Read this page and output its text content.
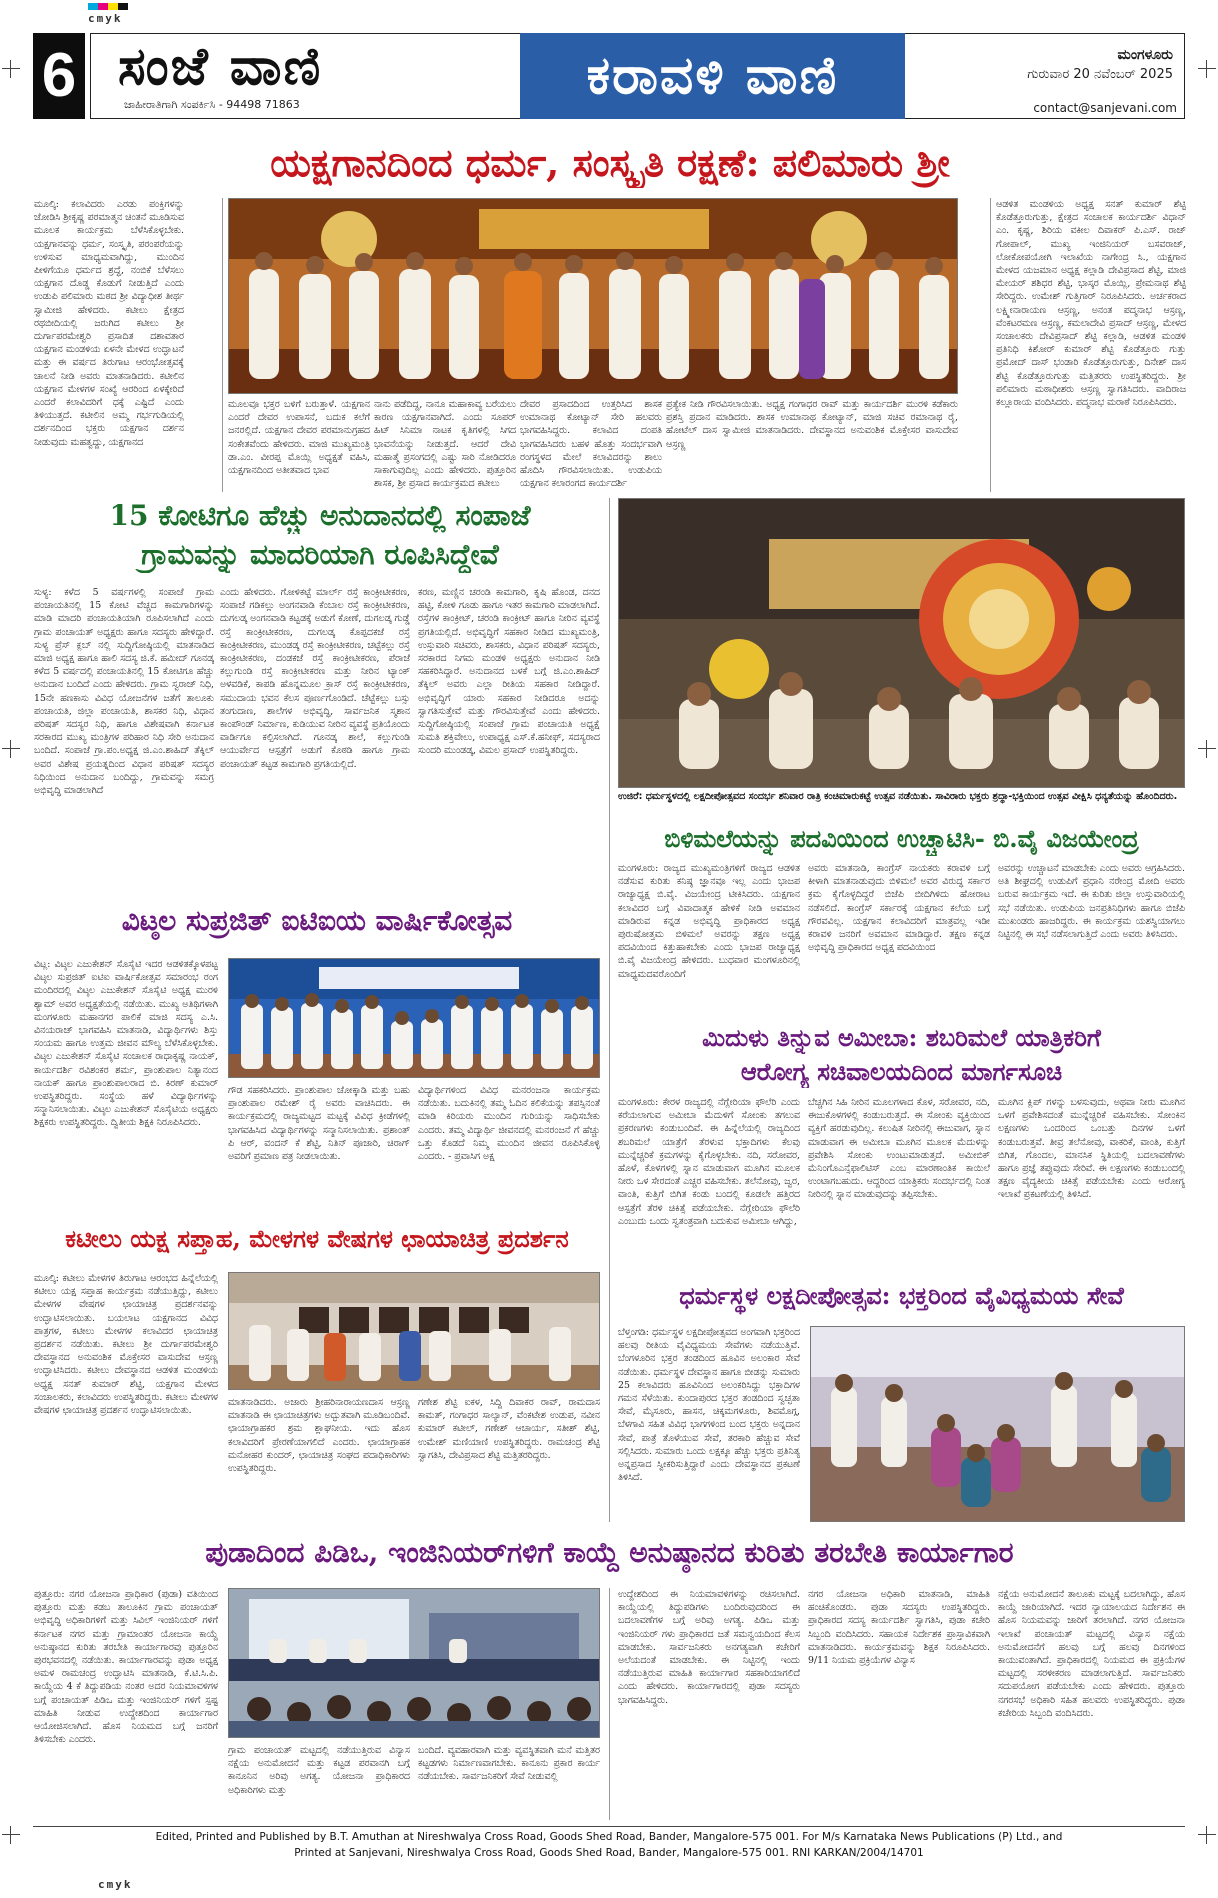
cmyk
cmyk
6 ಸಂಜೆ ವಾಣಿ
ಜಾಹೀರಾತಿಗಾಗಿ ಸಂಪರ್ಕಿಸಿ - 94498 71863	ಕರಾವಳಿ ವಾಣಿ	ಮಂಗಳೂರು
ಗುರುವಾರ 20 ನವೆಂಬರ್ 2025
contact@sanjevani.com
ಯಕ್ಷಗಾನದಿಂದ ಧರ್ಮ, ಸಂಸ್ಕೃತಿ ರಕ್ಷಣೆ: ಪಲಿಮಾರು ಶ್ರೀ
ಮೂಲ್ಕಿ: ಕಲಾವಿದರು ಎರಡು ಪಂಕ್ತಿಗಳನ್ನು ಜೋಡಿಸಿ ಶ್ರೀಕೃಷ್ಣ ಪರಮಾತ್ಮನ ಚಿಂತನೆ ಮೂಡಿಸುವ ಮೂಲಕ ಕಾರ್ಯಕ್ರಮ ಬೆಳೆಸಿಕೊಳ್ಳಬೇಕು. ಯಕ್ಷಗಾನವನ್ನು ಧರ್ಮ, ಸಂಸ್ಕೃತಿ, ಪರಂಪರೆಯನ್ನು ಉಳಿಸುವ ಮಾಧ್ಯಮವಾಗಿದ್ದು, ಮುಂದಿನ ಪೀಳಿಗೆಯೂ ಧರ್ಮದ ಶ್ರದ್ಧೆ, ನಂಬಿಕೆ ಬೆಳೆಸಲು ಯಕ್ಷಗಾನ ದೊಡ್ಡ ಕೊಡುಗೆ ನೀಡುತ್ತಿದೆ ಎಂದು ಉಡುಪಿ ಪಲಿಮಾರು ಮಠದ ಶ್ರೀ ವಿದ್ಯಾಧೀಶ ತೀರ್ಥ ಸ್ವಾಮೀಜಿ ಹೇಳಿದರು. ಕಟೀಲು ಕ್ಷೇತ್ರದ ರಥಬೀದಿಯಲ್ಲಿ ಜರುಗಿದ ಕಟೀಲು ಶ್ರೀ ದುರ್ಗಾಪರಮೇಶ್ವರಿ ಪ್ರಸಾದಿತ ದಶಾವತಾರ ಯಕ್ಷಗಾನ ಮಂಡಳಿಯ ಏಳನೇ ಮೇಳದ ಉದ್ಘಾಟನೆ ಮತ್ತು ಈ ವರ್ಷದ ತಿರುಗಾಟ ಆರಂಭೋತ್ಸವಕ್ಕೆ ಚಾಲನೆ ನೀಡಿ ಅವರು ಮಾತನಾಡಿದರು. ಕಟೀಲಿನ ಯಕ್ಷಗಾನ ಮೇಳಗಳ ಸಂಖ್ಯೆ ಆರರಿಂದ ಏಳಕ್ಕೇರಿದೆ ಎಂದರೆ ಕಲಾವಿದರಿಗೆ ಧಕ್ಕೆ ಎಷ್ಟಿದೆ ಎಂದು ತಿಳಿಯುತ್ತದೆ. ಕಟೀಲಿನ ಅಮ್ಮ ಗರ್ಭಗುಡಿಯಲ್ಲಿ ದರ್ಶನದಿಂದ ಭಕ್ತರು ಯಕ್ಷಗಾನ ದರ್ಶನ ನೀಡುವುದು ಮಹತ್ವದ್ದು, ಯಕ್ಷಗಾನದ
ಮೂಲವೂ ಭಕ್ತರ ಬಳಿಗೆ ಬರುತ್ತಾಳೆ. ಯಕ್ಷಗಾನ ಎಂದರೆ ದೇವರ ಉಪಾಸನೆ, ಬದುಕ ಕಲೆಗೆ ಜನರಲ್ಲಿದೆ. ಯಕ್ಷಗಾನ ದೇವರ ಪರಮಾನುಗ್ರಹದ ಸಂಕೇತವೆಂದು ಹೇಳಿದರು. ಮಾಜಿ ಮುಖ್ಯಮಂತ್ರಿ ಡಾ.ಎಂ. ವೀರಪ್ಪ ಮೊಯ್ಲಿ ಅಧ್ಯಕ್ಷತೆ ವಹಿಸಿ, ಯಕ್ಷಗಾನದಿಂದ ಅತೀತವಾದ ಭಾವ
ನಾನು ಪಡೆದಿದ್ದ, ನಾನೂ ಮಹಾಕಾವ್ಯ ಬರೆಯಲು ಕಾರಣ ಯಕ್ಷಗಾನವಾಗಿದೆ. ಎಂದು ಸೂಪರ್ ಹಿಟ್ ಸಿನಿಮಾ ನಾಟಕ ಕೃತಿಗಳಲ್ಲಿ ಸಿಗದ ಭಾವನೆಯನ್ನು ನೀಡುತ್ತದೆ. ಆದರೆ ದೇವಿ ಮಹಾತ್ಮೆ ಪ್ರಸಂಗದಲ್ಲಿ ಎಷ್ಟು ಸಾರಿ ನೋಡಿದರೂ ಸಾಕಾಗುವುದಿಲ್ಲ ಎಂದು ಹೇಳಿದರು. ಪುತ್ತೂರಿನ ಶಾಸಕ, ಶ್ರೀ ಪ್ರಸಾದ ಕಾರ್ಯಕ್ರಮದ ಕಟೀಲು
ದೇವರ ಪ್ರಸಾದದಿಂದ ಉತ್ತರಿಸಿದ ಶಾಸಕ ಉಮಾನಾಥ ಕೋಟ್ಯಾನ್ ಸೇರಿ ಹಲವರು ಭಾಗವಹಿಸಿದ್ದರು. ಕಲಾವಿದ ದಂಪತಿ ಭಾಗವಹಿಸಿದರು ಬಹಳ ಹೊತ್ತು ಸಂದರ್ಭವಾಗಿ ರಂಗಸ್ಥಳದ ಮೇಲೆ ಕಲಾವಿದರನ್ನು ಶಾಲು ಹೊದಿಸಿ ಗೌರವಿಸಲಾಯಿತು. ಉಡುಪಿಯ ಯಕ್ಷಗಾನ ಕಲಾರಂಗದ ಕಾರ್ಯದರ್ಶಿ
ಪ್ರತ್ಯೇಕ ನೀಡಿ ಗೌರವಿಸಲಾಯಿತು. ಅಧ್ಯಕ್ಷ ಗಂಗಾಧರ ರಾವ್ ಮತ್ತು ಕಾರ್ಯದರ್ಶಿ ಮುರಳಿ ಕಡೆಕಾರು ಪ್ರಶಸ್ತಿ ಪ್ರದಾನ ಮಾಡಿದರು. ಶಾಸಕ ಉಮಾನಾಥ ಕೋಟ್ಯಾನ್, ಮಾಜಿ ಸಚಿವ ರಮಾನಾಥ ರೈ, ಹೋಟೆಲ್ ದಾಸ ಸ್ವಾಮೀಜಿ ಮಾತನಾಡಿದರು. ದೇವಸ್ಥಾನದ ಅನುವಂಶಿಕ ಮೊಕ್ತೇಸರ ವಾಸುದೇವ ಆಸ್ರಣ್ಣ
ಆಡಳಿತ ಮಂಡಳಿಯ ಅಧ್ಯಕ್ಷ ಸನತ್ ಕುಮಾರ್ ಶೆಟ್ಟಿ ಕೊಡೆತ್ತೂರುಗುತ್ತು, ಕ್ಷೇತ್ರದ ಸಂಚಾಲಕ ಕಾರ್ಯದರ್ಶಿ ವಿಧಾನ್ ಎಂ. ಕೃಷ್ಣ, ಶಿರಿಯ ವಕೀಲ ದಿವಾಕರ್ ಪಿ.ಎಸ್. ರಾಜ್ ಗೋಪಾಲ್, ಮುಖ್ಯ ಇಂಜಿನಿಯರ್ ಬಸವರಾಜ್, ಲೋಕೋಪಯೋಗಿ ಇಲಾಖೆಯ ನಾಗೇಂದ್ರ ಸಿ., ಯಕ್ಷಗಾನ ಮೇಳದ ಯಜಮಾನ ಅಧ್ಯಕ್ಷ ಕಲ್ಲಾಡಿ ದೇವಿಪ್ರಸಾದ ಶೆಟ್ಟಿ, ಮಾಜಿ ಮೇಯರ್ ಶಶಿಧರ ಶೆಟ್ಟಿ, ಭಾಸ್ಕರ ಮೊಯ್ಲಿ, ಪ್ರೇಮನಾಥ ಶೆಟ್ಟಿ ಸೇರಿದ್ದರು. ಉಮೇಶ್ ಗುತ್ತಿಗಾರ್ ನಿರೂಪಿಸಿದರು. ಅರ್ಚಕರಾದ ಲಕ್ಷ್ಮೀನಾರಾಯಣ ಆಸ್ರಣ್ಣ, ಅನಂತ ಪದ್ಮನಾಭ ಆಸ್ರಣ್ಣ, ವೆಂಕಟರಮಣ ಆಸ್ರಣ್ಣ, ಕಮಲಾದೇವಿ ಪ್ರಸಾದ್ ಆಸ್ರಣ್ಣ, ಮೇಳದ ಸಂಚಾಲಕರು ದೇವಿಪ್ರಸಾದ್ ಶೆಟ್ಟಿ ಕಲ್ಲಾಡಿ, ಆಡಳಿತ ಮಂಡಳಿ ಪ್ರತಿನಿಧಿ ಕಿಶೋರ್ ಕುಮಾರ್ ಶೆಟ್ಟಿ ಕೊಡೆತ್ತೂರು ಗುತ್ತು ಪ್ರಮೋದ್ ದಾಸ್ ಭಂಡಾರಿ ಕೊಡೆತ್ತೂರುಗುತ್ತು, ದಿನೇಶ್ ದಾಸ ಶೆಟ್ಟಿ ಕೊಡೆತ್ತೂರುಗುತ್ತು ಮತ್ತಿತರರು ಉಪಸ್ಥಿತರಿದ್ದರು. ಶ್ರೀ ಪಲಿಮಾರು ಮಠಾಧೀಶರು ಆಸ್ರಣ್ಣ ಸ್ವಾಗತಿಸಿದರು. ವಾದಿರಾಜ ಕಲ್ಲೂರಾಯ ವಂದಿಸಿದರು. ಪದ್ಮನಾಭ ಮರಾಠೆ ನಿರೂಪಿಸಿದರು.
15 ಕೋಟಿಗೂ ಹೆಚ್ಚು ಅನುದಾನದಲ್ಲಿ ಸಂಪಾಜೆ
ಗ್ರಾಮವನ್ನು ಮಾದರಿಯಾಗಿ ರೂಪಿಸಿದ್ದೇವೆ
ಸುಳ್ಯ: ಕಳೆದ 5 ವರ್ಷಗಳಲ್ಲಿ ಸಂಪಾಜೆ ಗ್ರಾಮ ಪಂಚಾಯತಿನಲ್ಲಿ 15 ಕೋಟಿ ವೆಚ್ಚದ ಕಾಮಗಾರಿಗಳನ್ನು ಮಾಡಿ ಮಾದರಿ ಪಂಚಾಯತಿಯಾಗಿ ರೂಪಿಸಲಾಗಿದೆ ಎಂದು ಗ್ರಾಮ ಪಂಚಾಯತ್ ಅಧ್ಯಕ್ಷರು ಹಾಗೂ ಸದಸ್ಯರು ಹೇಳಿದ್ದಾರೆ. ಸುಳ್ಯ ಪ್ರೆಸ್ ಕ್ಲಬ್ ನಲ್ಲಿ ಸುದ್ದಿಗೋಷ್ಠಿಯಲ್ಲಿ ಮಾತನಾಡಿದ ಮಾಜಿ ಅಧ್ಯಕ್ಷ ಹಾಗೂ ಹಾಲಿ ಸದಸ್ಯ ಜಿ.ಕೆ. ಹಮೀದ್ ಗೂನಡ್ಕ ಕಳೆದ 5 ವರ್ಷದಲ್ಲಿ ಪಂಚಾಯತಿನಲ್ಲಿ 15 ಕೋಟಿಗೂ ಹೆಚ್ಚು ಅನುದಾನ ಬಂದಿದೆ ಎಂದು ಹೇಳಿದರು. ಗ್ರಾಮ ಸ್ವರಾಜ್ ನಿಧಿ, 15ನೇ ಹಣಕಾಸು ವಿವಿಧ ಯೋಜನೆಗಳ ಜತೆಗೆ ತಾಲೂಕು ಪಂಚಾಯತಿ, ಜಿಲ್ಲಾ ಪಂಚಾಯತಿ, ಶಾಸಕರ ನಿಧಿ, ವಿಧಾನ ಪರಿಷತ್ ಸದಸ್ಯರ ನಿಧಿ, ಹಾಗೂ ವಿಶೇಷವಾಗಿ ಕರ್ನಾಟಕ ಸರಕಾರದ ಮುಖ್ಯ ಮಂತ್ರಿಗಳ ಪರಿಹಾರ ನಿಧಿ ಸೇರಿ ಅನುದಾನ ಬಂದಿದೆ. ಸಂಪಾಜೆ ಗ್ರಾ.ಪಂ.ಅಧ್ಯಕ್ಷ ಜಿ.ಎಂ.ಶಾಹಿದ್ ತೆಕ್ಕಿಲ್ ಅವರ ವಿಶೇಷ ಪ್ರಯತ್ನದಿಂದ ವಿಧಾನ ಪರಿಷತ್ ಸದಸ್ಯರ ನಿಧಿಯಿಂದ ಅನುದಾನ ಬಂದಿದ್ದು, ಗ್ರಾಮವನ್ನು ಸಮಗ್ರ ಅಭಿವೃದ್ಧಿ ಮಾಡಲಾಗಿದೆ
ಎಂದು ಹೇಳಿದರು. ಗೋಳಿಕಟ್ಟೆ ಮಾರ್ಲ್ ರಸ್ತೆ ಕಾಂಕ್ರೀಟೀಕರಣ, ಸಂಪಾಜೆ ಗಡಿಕಲ್ಲು ಅಂಗನವಾಡಿ ಕೆಂಬಾಲ ರಸ್ತೆ ಕಾಂಕ್ರೀಟೀಕರಣ, ದುಗಲಡ್ಕ ಅಂಗನವಾಡಿ ಕಟ್ಟಡಕ್ಕೆ ಅಡುಗೆ ಕೋಣೆ, ದುಗಲಡ್ಕ ಗುಡ್ಡೆ ರಸ್ತೆ ಕಾಂಕ್ರೀಟೀಕರಣ, ದುಗಲಡ್ಕ ಕೊಪ್ಪದಕಜೆ ರಸ್ತೆ ಕಾಂಕ್ರೀಟೀಕರಣ, ಮುಂಡಡ್ಕ ರಸ್ತೆ ಕಾಂಕ್ರೀಟೀಕರಣ, ಚಟ್ಟೆಕಲ್ಲು ರಸ್ತೆ ಕಾಂಕ್ರೀಟೀಕರಣ, ದಂಡಕಜೆ ರಸ್ತೆ ಕಾಂಕ್ರೀಟೀಕರಣ, ಪೆರಾಜೆ ಕಲ್ಲುಗುಂಡಿ ರಸ್ತೆ ಕಾಂಕ್ರೀಟೀಕರಣ ಮತ್ತು ನೀರಿನ ಟ್ಯಾಂಕ್ ಅಳವಡಿಕೆ, ಕಾಪಡಿ ಹೊನ್ನಮೂಲ ಕ್ರಾಸ್ ರಸ್ತೆ ಕಾಂಕ್ರೀಟೀಕರಣ, ಸಮುದಾಯ ಭವನ ಕೆಲಸ ಪೂರ್ಣಗೊಂಡಿದೆ. ಚೆಟ್ಟೆಕಲ್ಲು ಬಸ್ಸು ತಂಗುದಾಣ, ಶಾಲೆಗಳ ಅಭಿವೃದ್ಧಿ, ಸಾರ್ವಜನಿಕ ಸ್ಮಶಾನ ಕಾಂಪೌಂಡ್ ನಿರ್ಮಾಣ, ಕುಡಿಯುವ ನೀರಿನ ವ್ಯವಸ್ಥೆ ಪ್ರತಿಯೊಂದು ವಾರ್ಡಿಗೂ ಕಲ್ಪಿಸಲಾಗಿದೆ. ಗೂನಡ್ಕ ಶಾಲೆ, ಕಲ್ಲುಗುಂಡಿ ಆಯುರ್ವೇದ ಆಸ್ಪತ್ರೆಗೆ ಅಡುಗೆ ಕೊಠಡಿ ಹಾಗೂ ಗ್ರಾಮ ಪಂಚಾಯತ್ ಕಟ್ಟಡ ಕಾಮಗಾರಿ ಪ್ರಗತಿಯಲ್ಲಿದೆ.
ಕರಣ, ಮಣ್ಣಿನ ಚರಂಡಿ ಕಾಮಗಾರಿ, ಕೃಷಿ ಹೊಂಡ, ದನದ ಹಟ್ಟಿ, ಕೋಳಿ ಗೂಡು ಹಾಗೂ ಇತರ ಕಾಮಗಾರಿ ಮಾಡಲಾಗಿದೆ. ರಸ್ತೆಗಳ ಕಾಂಕ್ರೀಟ್, ಚರಂಡಿ ಕಾಂಕ್ರೀಟ್ ಹಾಗೂ ನೀರಿನ ವ್ಯವಸ್ಥೆ ಪ್ರಗತಿಯಲ್ಲಿದೆ. ಅಭಿವೃದ್ಧಿಗೆ ಸಹಕಾರ ನೀಡಿದ ಮುಖ್ಯಮಂತ್ರಿ, ಉಸ್ತುವಾರಿ ಸಚಿವರು, ಶಾಸಕರು, ವಿಧಾನ ಪರಿಷತ್ ಸದಸ್ಯರು, ಸರಕಾರದ ನಿಗಮ ಮಂಡಳಿ ಅಧ್ಯಕ್ಷರು ಅನುದಾನ ನೀಡಿ ಸಹಕರಿಸಿದ್ದಾರೆ. ಅನುದಾನದ ಬಳಕೆ ಬಗ್ಗೆ ಜಿ.ಎಂ.ಶಾಹಿದ್ ತೆಕ್ಕಿಲ್ ಅವರು ಎಲ್ಲಾ ರೀತಿಯ ಸಹಕಾರ ನೀಡಿದ್ದಾರೆ. ಅಭಿವೃದ್ಧಿಗೆ ಯಾರು ಸಹಕಾರ ನೀಡಿದರೂ ಅದನ್ನು ಸ್ವಾಗತಿಸುತ್ತೇವೆ ಮತ್ತು ಗೌರವಿಸುತ್ತೇವೆ ಎಂದು ಹೇಳಿದರು. ಸುದ್ದಿಗೋಷ್ಠಿಯಲ್ಲಿ ಸಂಪಾಜೆ ಗ್ರಾಮ ಪಂಚಾಯತಿ ಅಧ್ಯಕ್ಷೆ ಸುಮತಿ ಶಕ್ತಿವೇಲು, ಉಪಾಧ್ಯಕ್ಷ ಎಸ್.ಕೆ.ಹನೀಫ್, ಸದಸ್ಯರಾದ ಸುಂದರಿ ಮುಂಡಡ್ಕ, ವಿಮಲ ಪ್ರಸಾದ್ ಉಪಸ್ಥಿತರಿದ್ದರು.
ಉಜಿರೆ: ಧರ್ಮಸ್ಥಳದಲ್ಲಿ ಲಕ್ಷದೀಪೋತ್ಸವದ ಸಂದರ್ಭ ಶನಿವಾರ ರಾತ್ರಿ ಕಂಚಿಮಾರುಕಟ್ಟೆ ಉತ್ಸವ ನಡೆಯಿತು. ಸಾವಿರಾರು ಭಕ್ತರು ಶ್ರದ್ಧಾ-ಭಕ್ತಿಯಿಂದ ಉತ್ಸವ ವೀಕ್ಷಿಸಿ ಧನ್ಯತೆಯನ್ನು ಹೊಂದಿದರು.
ಬಿಳಿಮಲೆಯನ್ನು ಪದವಿಯಿಂದ ಉಚ್ಚಾಟಿಸಿ- ಬಿ.ವೈ ವಿಜಯೇಂದ್ರ
ಮಂಗಳೂರು: ರಾಜ್ಯದ ಮುಖ್ಯಮಂತ್ರಿಗಳಿಗೆ ರಾಜ್ಯದ ಆಡಳಿತ ನಡೆಸುವ ಕುರಿತು ಕನಿಷ್ಠ ಜ್ಞಾನವೂ ಇಲ್ಲ ಎಂದು ಭಾಜಪ ರಾಜ್ಯಾಧ್ಯಕ್ಷ ಬಿ.ವೈ. ವಿಜಯೇಂದ್ರ ಟೀಕಿಸಿದರು. ಯಕ್ಷಗಾನ ಕಲಾವಿದರ ಬಗ್ಗೆ ವಿವಾದಾತ್ಮಕ ಹೇಳಿಕೆ ನೀಡಿ ಅವಮಾನ ಮಾಡಿರುವ ಕನ್ನಡ ಅಭಿವೃದ್ಧಿ ಪ್ರಾಧಿಕಾರದ ಅಧ್ಯಕ್ಷ ಪುರುಷೋತ್ತಮ ಬಿಳಿಮಲೆ ಅವರನ್ನು ತಕ್ಷಣ ಅಧ್ಯಕ್ಷ ಪದವಿಯಿಂದ ಕಿತ್ತುಹಾಕಬೇಕು ಎಂದು ಭಾಜಪ ರಾಜ್ಯಾಧ್ಯಕ್ಷ ಬಿ.ವೈ ವಿಜಯೇಂದ್ರ ಹೇಳಿದರು. ಬುಧವಾರ ಮಂಗಳೂರಿನಲ್ಲಿ ಮಾಧ್ಯಮದವರೊಂದಿಗೆ
ಅವರು ಮಾತನಾಡಿ, ಕಾಂಗ್ರೆಸ್ ನಾಯಕರು ಕರಾವಳಿ ಬಗ್ಗೆ ಕೀಳಾಗಿ ಮಾತನಾಡುವುದು ಬಿಳಿಮಲೆ ಅವರ ವಿರುದ್ಧ ಸರ್ಕಾರ ಕ್ರಮ ಕೈಗೊಳ್ಳದಿದ್ದರೆ ಬಿಜೆಪಿ ಬೀದಿಗಿಳಿದು ಹೋರಾಟ ನಡೆಸಲಿದೆ. ಕಾಂಗ್ರೆಸ್ ಸರ್ಕಾರಕ್ಕೆ ಯಕ್ಷಗಾನ ಕಲೆಯ ಬಗ್ಗೆ ಗೌರವವಿಲ್ಲ. ಯಕ್ಷಗಾನ ಕಲಾವಿದರಿಗೆ ಮಾತ್ರವಲ್ಲ ಇಡೀ ಕರಾವಳಿ ಜನರಿಗೆ ಅವಮಾನ ಮಾಡಿದ್ದಾರೆ. ತಕ್ಷಣ ಕನ್ನಡ ಅಭಿವೃದ್ಧಿ ಪ್ರಾಧಿಕಾರದ ಅಧ್ಯಕ್ಷ ಪದವಿಯಿಂದ
ಅವರನ್ನು ಉಚ್ಚಾಟನೆ ಮಾಡಬೇಕು ಎಂದು ಅವರು ಆಗ್ರಹಿಸಿದರು. ಅತಿ ಶೀಘ್ರದಲ್ಲಿ ಉಡುಪಿಗೆ ಪ್ರಧಾನಿ ನರೇಂದ್ರ ಮೋದಿ ಅವರು ಬರುವ ಕಾರ್ಯಕ್ರಮ ಇದೆ. ಈ ಕುರಿತು ಜಿಲ್ಲಾ ಉಸ್ತುವಾರಿಯಲ್ಲಿ ಸಭೆ ನಡೆಯಿತು. ಉಡುಪಿಯ ಜನಪ್ರತಿನಿಧಿಗಳು ಹಾಗೂ ಬಿಜೆಪಿ ಮುಖಂಡರು ಹಾಜರಿದ್ದರು. ಈ ಕಾರ್ಯಕ್ರಮ ಯಶಸ್ವಿಯಾಗಲು ನಿಟ್ಟಿನಲ್ಲಿ ಈ ಸಭೆ ನಡೆಸಲಾಗುತ್ತಿದೆ ಎಂದು ಅವರು ತಿಳಿಸಿದರು.
ವಿಟ್ಠಲ ಸುಪ್ರಜಿತ್ ಐಟಿಐಯ ವಾರ್ಷಿಕೋತ್ಸವ
ವಿಟ್ಲ: ವಿಟ್ಠಲ ಎಜುಕೇಶನ್ ಸೊಸೈಟಿ ಇದರ ಆಡಳಿತಕ್ಕೊಳಪಟ್ಟ ವಿಟ್ಠಲ ಸುಪ್ರಜಿತ್ ಐಟಿಐ ವಾರ್ಷಿಕೋತ್ಸವ ಸಮಾರಂಭ ರಂಗ ಮಂದಿರದಲ್ಲಿ ವಿಟ್ಠಲ ಎಜುಕೇಶನ್ ಸೊಸೈಟಿ ಅಧ್ಯಕ್ಷ ಮುರಳಿ ಶ್ಯಾಮ್ ಅವರ ಅಧ್ಯಕ್ಷತೆಯಲ್ಲಿ ನಡೆಯಿತು. ಮುಖ್ಯ ಅತಿಥಿಗಳಾಗಿ ಮಂಗಳೂರು ಮಹಾನಗರ ಪಾಲಿಕೆ ಮಾಜಿ ಸದಸ್ಯ ಎ.ಸಿ. ವಿನಯರಾಜ್ ಭಾಗವಹಿಸಿ ಮಾತನಾಡಿ, ವಿದ್ಯಾರ್ಥಿಗಳು ಶಿಸ್ತು ಸಂಯಮ ಹಾಗೂ ಉತ್ತಮ ಜೀವನ ಮೌಲ್ಯ ಬೆಳೆಸಿಕೊಳ್ಳಬೇಕು. ವಿಟ್ಠಲ ಎಜುಕೇಶನ್ ಸೊಸೈಟಿ ಸಂಚಾಲಕ ರಾಧಾಕೃಷ್ಣ ನಾಯಕ್, ಕಾರ್ಯದರ್ಶಿ ರವಿಶಂಕರ ಶರ್ಮ, ಪ್ರಾಂಶುಪಾಲ ನಿತ್ಯಾನಂದ ನಾಯಕ್ ಹಾಗೂ ಪ್ರಾಂಶುಪಾಲರಾದ ಬಿ. ಕಿರಣ್ ಕುಮಾರ್ ಉಪಸ್ಥಿತರಿದ್ದರು. ಸಂಸ್ಥೆಯ ಹಳೆ ವಿದ್ಯಾರ್ಥಿಗಳನ್ನು ಸನ್ಮಾನಿಸಲಾಯಿತು. ವಿಟ್ಠಲ ಎಜುಕೇಶನ್ ಸೊಸೈಟಿಯ ಅಧ್ಯಕ್ಷರು ಶಿಕ್ಷಕರು ಉಪಸ್ಥಿತರಿದ್ದರು. ದ್ವಿತೀಯ ಶಿಕ್ಷಕಿ ನಿರೂಪಿಸಿದರು.
ಗೌಡ ಸಹಕರಿಸಿದರು. ಪ್ರಾಂಶುಪಾಲ ಚೋಕ್ಕಾಡಿ ಮತ್ತು ಬಹು ಪ್ರಾಂಶುಪಾಲ ರಮೇಶ್ ರೈ ಅವರು ವಾಚಿಸಿದರು. ಈ ಕಾರ್ಯಕ್ರಮದಲ್ಲಿ ರಾಜ್ಯಮಟ್ಟದ ಮಟ್ಟಕ್ಕೆ ವಿವಿಧ ಕ್ರೀಡೆಗಳಲ್ಲಿ ಭಾಗವಹಿಸಿದ ವಿದ್ಯಾರ್ಥಿಗಳನ್ನು ಸನ್ಮಾನಿಸಲಾಯಿತು. ಪ್ರಶಾಂತ್ ಪಿ ಆರ್, ವಂದನ್ ಕೆ ಶೆಟ್ಟಿ, ನಿತಿನ್ ಪೂಜಾರಿ, ಚಿರಾಗ್ ಅವರಿಗೆ ಪ್ರಮಾಣ ಪತ್ರ ನೀಡಲಾಯಿತು.
ವಿದ್ಯಾರ್ಥಿಗಳಿಂದ ವಿವಿಧ ಮನರಂಜನಾ ಕಾರ್ಯಕ್ರಮ ನಡೆಯಿತು. ಬದುಕಿನಲ್ಲಿ ತಮ್ಮ ಓದಿನ ಕಲಿಕೆಯನ್ನು ತಪಸ್ಸಿನಂತೆ ಮಾಡಿ ಕಿರಿಯರು ಮುಂದಿನ ಗುರಿಯನ್ನು ಸಾಧಿಸಬೇಕು ಎಂದರು. ತಮ್ಮ ವಿದ್ಯಾರ್ಥಿ ಜೀವನದಲ್ಲಿ ಮನರಂಜನೆ ಗೆ ಹೆಚ್ಚು ಒತ್ತು ಕೊಡದೆ ನಿಮ್ಮ ಮುಂದಿನ ಜೀವನ ರೂಪಿಸಿಕೊಳ್ಳಿ ಎಂದರು. - ಪ್ರವಾಸಿಗ ಅಕ್ಷ
ಮಿದುಳು ತಿನ್ನುವ ಅಮೀಬಾ: ಶಬರಿಮಲೆ ಯಾತ್ರಿಕರಿಗೆ
ಆರೋಗ್ಯ ಸಚಿವಾಲಯದಿಂದ ಮಾರ್ಗಸೂಚಿ
ಮಂಗಳೂರು: ಕೇರಳ ರಾಜ್ಯದಲ್ಲಿ ನೆಗ್ಲೇರಿಯಾ ಫೌಲೆರಿ ಎಂದು ಕರೆಯಲಾಗುವ ಅಮೀಬಾ ಮೆದುಳಿಗೆ ಸೋಂಕು ತಗಲುವ ಪ್ರಕರಣಗಳು ಕಂಡುಬಂದಿವೆ. ಈ ಹಿನ್ನೆಲೆಯಲ್ಲಿ ರಾಜ್ಯದಿಂದ ಶಬರಿಮಲೆ ಯಾತ್ರೆಗೆ ತೆರಳುವ ಭಕ್ತಾದಿಗಳು ಕೆಲವು ಮುನ್ನೆಚ್ಚರಿಕೆ ಕ್ರಮಗಳನ್ನು ಕೈಗೊಳ್ಳಬೇಕು. ನದಿ, ಸರೋವರ, ಹೊಳೆ, ಕೊಳಗಳಲ್ಲಿ ಸ್ನಾನ ಮಾಡುವಾಗ ಮೂಗಿನ ಮೂಲಕ ನೀರು ಒಳ ಸೇರದಂತೆ ಎಚ್ಚರ ವಹಿಸಬೇಕು. ತಲೆನೋವು, ಜ್ವರ, ವಾಂತಿ, ಕುತ್ತಿಗೆ ಬಿಗಿತ ಕಂಡು ಬಂದಲ್ಲಿ ಕೂಡಲೇ ಹತ್ತಿರದ ಆಸ್ಪತ್ರೆಗೆ ತೆರಳಿ ಚಿಕಿತ್ಸೆ ಪಡೆಯಬೇಕು. ನೆಗ್ಲೇರಿಯಾ ಫೌಲೆರಿ ಎಂಬುದು ಒಂದು ಸ್ವತಂತ್ರವಾಗಿ ಬದುಕುವ ಅಮೀಬಾ ಆಗಿದ್ದು,
ಬೆಚ್ಚಗಿನ ಸಿಹಿ ನೀರಿನ ಮೂಲಗಳಾದ ಕೊಳ, ಸರೋವರ, ನದಿ, ಈಜುಕೊಳಗಳಲ್ಲಿ ಕಂಡುಬರುತ್ತದೆ. ಈ ಸೋಂಕು ವ್ಯಕ್ತಿಯಿಂದ ವ್ಯಕ್ತಿಗೆ ಹರಡುವುದಿಲ್ಲ. ಕಲುಷಿತ ನೀರಿನಲ್ಲಿ ಈಜುವಾಗ, ಸ್ನಾನ ಮಾಡುವಾಗ ಈ ಅಮೀಬಾ ಮೂಗಿನ ಮೂಲಕ ಮೆದುಳನ್ನು ಪ್ರವೇಶಿಸಿ ಸೋಂಕು ಉಂಟುಮಾಡುತ್ತದೆ. ಅಮೀಬಿಕ್ ಮೆನಿಂಗೊಎನ್ಸೆಫಾಲಿಟಿಸ್ ಎಂಬ ಮಾರಣಾಂತಿಕ ಕಾಯಿಲೆ ಉಂಟಾಗಬಹುದು. ಆದ್ದರಿಂದ ಯಾತ್ರಿಕರು ಸಂದರ್ಭದಲ್ಲಿ ನಿಂತ ನೀರಿನಲ್ಲಿ ಸ್ನಾನ ಮಾಡುವುದನ್ನು ತಪ್ಪಿಸಬೇಕು.
ಮೂಗಿನ ಕ್ಲಿಪ್ ಗಳನ್ನು ಬಳಸುವುದು, ಅಥವಾ ನೀರು ಮೂಗಿನ ಒಳಗೆ ಪ್ರವೇಶಿಸದಂತೆ ಮುನ್ನೆಚ್ಚರಿಕೆ ವಹಿಸಬೇಕು. ಸೋಂಕಿನ ಲಕ್ಷಣಗಳು ಒಂದರಿಂದ ಒಂಬತ್ತು ದಿನಗಳ ಒಳಗೆ ಕಂಡುಬರುತ್ತವೆ. ತೀವ್ರ ತಲೆನೋವು, ವಾಕರಿಕೆ, ವಾಂತಿ, ಕುತ್ತಿಗೆ ಬಿಗಿತ, ಗೊಂದಲ, ಮಾನಸಿಕ ಸ್ಥಿತಿಯಲ್ಲಿ ಬದಲಾವಣೆಗಳು ಹಾಗೂ ಪ್ರಜ್ಞೆ ತಪ್ಪುವುದು ಸೇರಿವೆ. ಈ ಲಕ್ಷಣಗಳು ಕಂಡುಬಂದಲ್ಲಿ ತಕ್ಷಣ ವೈದ್ಯಕೀಯ ಚಿಕಿತ್ಸೆ ಪಡೆಯಬೇಕು ಎಂದು ಆರೋಗ್ಯ ಇಲಾಖೆ ಪ್ರಕಟಣೆಯಲ್ಲಿ ತಿಳಿಸಿದೆ.
ಕಟೀಲು ಯಕ್ಷ ಸಪ್ತಾಹ, ಮೇಳಗಳ ವೇಷಗಳ ಛಾಯಾಚಿತ್ರ ಪ್ರದರ್ಶನ
ಮೂಲ್ಕಿ: ಕಟೀಲು ಮೇಳಗಳ ತಿರುಗಾಟ ಆರಂಭದ ಹಿನ್ನೆಲೆಯಲ್ಲಿ ಕಟೀಲು ಯಕ್ಷ ಸಪ್ತಾಹ ಕಾರ್ಯಕ್ರಮ ನಡೆಯುತ್ತಿದ್ದು, ಕಟೀಲು ಮೇಳಗಳ ವೇಷಗಳ ಛಾಯಾಚಿತ್ರ ಪ್ರದರ್ಶನವನ್ನು ಉದ್ಘಾಟಿಸಲಾಯಿತು. ಬಯಲಾಟ ಯಕ್ಷಗಾನದ ವಿವಿಧ ಪಾತ್ರಗಳ, ಕಟೀಲು ಮೇಳಗಳ ಕಲಾವಿದರ ಛಾಯಾಚಿತ್ರ ಪ್ರದರ್ಶನ ನಡೆಯಿತು. ಕಟೀಲು ಶ್ರೀ ದುರ್ಗಾಪರಮೇಶ್ವರಿ ದೇವಸ್ಥಾನದ ಅನುವಂಶಿಕ ಮೊಕ್ತೇಸರ ವಾಸುದೇವ ಆಸ್ರಣ್ಣ ಉದ್ಘಾಟಿಸಿದರು. ಕಟೀಲು ದೇವಸ್ಥಾನದ ಆಡಳಿತ ಮಂಡಳಿಯ ಅಧ್ಯಕ್ಷ ಸನತ್ ಕುಮಾರ್ ಶೆಟ್ಟಿ, ಯಕ್ಷಗಾನ ಮೇಳದ ಸಂಚಾಲಕರು, ಕಲಾವಿದರು ಉಪಸ್ಥಿತರಿದ್ದರು. ಕಟೀಲು ಮೇಳಗಳ ವೇಷಗಳ ಛಾಯಾಚಿತ್ರ ಪ್ರದರ್ಶನ ಉದ್ಘಾಟಿಸಲಾಯಿತು.
ಮಾತನಾಡಿದರು. ಅಜಾರು ಶ್ರೀಹರಿನಾರಾಯಣದಾಸ ಆಸ್ರಣ್ಣ ಮಾತನಾಡಿ ಈ ಛಾಯಾಚಿತ್ರಗಳು ಅದ್ಭುತವಾಗಿ ಮೂಡಿಬಂದಿವೆ. ಛಾಯಾಗ್ರಾಹಕರ ಶ್ರಮ ಶ್ಲಾಘನೀಯ. ಇದು ಹೊಸ ಕಲಾವಿದರಿಗೆ ಪ್ರೇರಣೆಯಾಗಲಿದೆ ಎಂದರು. ಛಾಯಾಗ್ರಾಹಕ ಮನೋಹರ ಕುಂದರ್, ಛಾಯಾಚಿತ್ರ ಸಂಘದ ಪದಾಧಿಕಾರಿಗಳು ಉಪಸ್ಥಿತರಿದ್ದರು.
ಗಣೇಶ ಶೆಟ್ಟಿ ಐಕಳ, ಸಿದ್ದಿ ದಿವಾಕರ ರಾವ್, ರಾಮದಾಸ ಕಾಮತ್, ಗಂಗಾಧರ ಸಾಲ್ಯಾನ್, ವೆಂಕಟೇಶ ಉಡುಪ, ನವೀನ ಕುಮಾರ್ ಕಟೀಲ್, ಗಣೇಶ್ ಆಚಾರ್ಯ, ಸತೀಶ್ ಶೆಟ್ಟಿ, ಉಮೇಶ್ ಮಣಿಯಾಣಿ ಉಪಸ್ಥಿತರಿದ್ದರು. ರಾಮಚಂದ್ರ ಶೆಟ್ಟಿ ಸ್ವಾಗತಿಸಿ, ದೇವಿಪ್ರಸಾದ ಶೆಟ್ಟಿ ಮತ್ತಿತರರಿದ್ದರು.
ಧರ್ಮಸ್ಥಳ ಲಕ್ಷದೀಪೋತ್ಸವ: ಭಕ್ತರಿಂದ ವೈವಿಧ್ಯಮಯ ಸೇವೆ
ಬೆಳ್ತಂಗಡಿ: ಧರ್ಮಸ್ಥಳ ಲಕ್ಷದೀಪೋತ್ಸವದ ಅಂಗವಾಗಿ ಭಕ್ತರಿಂದ ಹಲವು ರೀತಿಯ ವೈವಿಧ್ಯಮಯ ಸೇವೆಗಳು ನಡೆಯುತ್ತಿವೆ. ಬೆಂಗಳೂರಿನ ಭಕ್ತರ ತಂಡದಿಂದ ಹೂವಿನ ಅಲಂಕಾರ ಸೇವೆ ನಡೆಯಿತು. ಧರ್ಮಸ್ಥಳ ದೇವಸ್ಥಾನ ಹಾಗೂ ಬೀಡನ್ನು ಸುಮಾರು 25 ಕಲಾವಿದರು ಹೂವಿನಿಂದ ಅಲಂಕರಿಸಿದ್ದು ಭಕ್ತಾದಿಗಳ ಗಮನ ಸೆಳೆಯಿತು. ಕುಂದಾಪುರದ ಭಕ್ತರ ತಂಡದಿಂದ ಸ್ವಚ್ಛತಾ ಸೇವೆ, ಮೈಸೂರು, ಹಾಸನ, ಚಿಕ್ಕಮಗಳೂರು, ಶಿವಮೊಗ್ಗ, ಬೆಳಗಾವಿ ಸಹಿತ ವಿವಿಧ ಭಾಗಗಳಿಂದ ಬಂದ ಭಕ್ತರು ಅನ್ನದಾನ ಸೇವೆ, ಪಾತ್ರೆ ತೊಳೆಯುವ ಸೇವೆ, ತರಕಾರಿ ಹೆಚ್ಚುವ ಸೇವೆ ಸಲ್ಲಿಸಿದರು. ಸುಮಾರು ಒಂದು ಲಕ್ಷಕ್ಕೂ ಹೆಚ್ಚು ಭಕ್ತರು ಪ್ರತಿನಿತ್ಯ ಅನ್ನಪ್ರಸಾದ ಸ್ವೀಕರಿಸುತ್ತಿದ್ದಾರೆ ಎಂದು ದೇವಸ್ಥಾನದ ಪ್ರಕಟಣೆ ತಿಳಿಸಿದೆ.
ಪುಡಾದಿಂದ ಪಿಡಿಒ, ಇಂಜಿನಿಯರ್‌ಗಳಿಗೆ ಕಾಯ್ದೆ ಅನುಷ್ಠಾನದ ಕುರಿತು ತರಬೇತಿ ಕಾರ್ಯಾಗಾರ
ಪುತ್ತೂರು: ನಗರ ಯೋಜನಾ ಪ್ರಾಧಿಕಾರ (ಪುಡಾ) ವತಿಯಿಂದ ಪುತ್ತೂರು ಮತ್ತು ಕಡಬ ತಾಲೂಕಿನ ಗ್ರಾಮ ಪಂಚಾಯತ್ ಅಭಿವೃದ್ಧಿ ಅಧಿಕಾರಿಗಳಿಗೆ ಮತ್ತು ಸಿವಿಲ್ ಇಂಜಿನಿಯರ್ ಗಳಿಗೆ ಕರ್ನಾಟಕ ನಗರ ಮತ್ತು ಗ್ರಾಮಾಂತರ ಯೋಜನಾ ಕಾಯ್ದೆ ಅನುಷ್ಠಾನದ ಕುರಿತು ತರಬೇತಿ ಕಾರ್ಯಾಗಾರವು ಪುತ್ತೂರಿನ ಪುರಭವನದಲ್ಲಿ ನಡೆಯಿತು. ಕಾರ್ಯಾಗಾರವನ್ನು ಪುಡಾ ಅಧ್ಯಕ್ಷ ಅಮಳ ರಾಮಚಂದ್ರ ಉದ್ಘಾಟಿಸಿ ಮಾತನಾಡಿ, ಕೆ.ಟಿ.ಸಿ.ಪಿ. ಕಾಯ್ದೆಯ 4 ಕೆ ತಿದ್ದುಪಡಿಯ ನಂತರ ಅದರ ನಿಯಮಾವಳಿಗಳ ಬಗ್ಗೆ ಪಂಚಾಯತ್ ಪಿಡಿಒ ಮತ್ತು ಇಂಜಿನಿಯರ್ ಗಳಿಗೆ ಸ್ಪಷ್ಟ ಮಾಹಿತಿ ನೀಡುವ ಉದ್ದೇಶದಿಂದ ಕಾರ್ಯಾಗಾರ ಆಯೋಜಿಸಲಾಗಿದೆ. ಹೊಸ ನಿಯಮದ ಬಗ್ಗೆ ಜನರಿಗೆ ತಿಳಿಸಬೇಕು ಎಂದರು.
ಗ್ರಾಮ ಪಂಚಾಯತ್ ಮಟ್ಟದಲ್ಲಿ ನಡೆಯುತ್ತಿರುವ ವಿನ್ಯಾಸ ನಕ್ಷೆಯ ಅನುಮೋದನೆ ಮತ್ತು ಕಟ್ಟಡ ಪರವಾನಗಿ ಬಗ್ಗೆ ಕಾನೂನಿನ ಅರಿವು ಅಗತ್ಯ. ಯೋಜನಾ ಪ್ರಾಧಿಕಾರದ ಅಧಿಕಾರಿಗಳು ಮತ್ತು
ಬಂದಿದೆ. ವ್ಯವಹಾರವಾಗಿ ಮತ್ತು ವ್ಯವಸ್ಥಿತವಾಗಿ ಮನೆ ಮತ್ತಿತರ ಕಟ್ಟಡಗಳು ನಿರ್ಮಾಣವಾಗಬೇಕು. ಕಾನೂನು ಪ್ರಕಾರ ಕಾರ್ಯ ನಡೆಯಬೇಕು. ಸಾರ್ವಜನಿಕರಿಗೆ ಸೇವೆ ನೀಡುವಲ್ಲಿ
ಉದ್ದೇಶದಿಂದ ಈ ನಿಯಮಾವಳಿಗಳನ್ನು ರಚಿಸಲಾಗಿದೆ. ಕಾಯ್ದೆಯಲ್ಲಿ ತಿದ್ದುಪಡಿಗಳು ಬಂದಿರುವುದರಿಂದ ಈ ಬದಲಾವಣೆಗಳ ಬಗ್ಗೆ ಅರಿವು ಅಗತ್ಯ. ಪಿಡಿಒ ಮತ್ತು ಇಂಜಿನಿಯರ್ ಗಳು ಪ್ರಾಧಿಕಾರದ ಜತೆ ಸಮನ್ವಯದಿಂದ ಕೆಲಸ ಮಾಡಬೇಕು. ಸಾರ್ವಜನಿಕರು ಅನಗತ್ಯವಾಗಿ ಕಚೇರಿಗೆ ಅಲೆಯದಂತೆ ಮಾಡಬೇಕು. ಈ ನಿಟ್ಟಿನಲ್ಲಿ ಇಂದು ನಡೆಯುತ್ತಿರುವ ಮಾಹಿತಿ ಕಾರ್ಯಾಗಾರ ಸಹಕಾರಿಯಾಗಲಿದೆ ಎಂದು ಹೇಳಿದರು. ಕಾರ್ಯಾಗಾರದಲ್ಲಿ ಪುಡಾ ಸದಸ್ಯರು ಭಾಗವಹಿಸಿದ್ದರು.
ನಗರ ಯೋಜನಾ ಅಧಿಕಾರಿ ಮಾತನಾಡಿ, ಮಾಹಿತಿ ಹಂಚಿಕೊಂಡರು. ಪುಡಾ ಸದಸ್ಯರು ಉಪಸ್ಥಿತರಿದ್ದರು. ಪ್ರಾಧಿಕಾರದ ಸದಸ್ಯ ಕಾರ್ಯದರ್ಶಿ ಸ್ವಾಗತಿಸಿ, ಪುಡಾ ಕಚೇರಿ ಸಿಬ್ಬಂದಿ ವಂದಿಸಿದರು. ಸಹಾಯಕ ನಿರ್ದೇಶಕ ಪ್ರಾಸ್ತಾವಿಕವಾಗಿ ಮಾತನಾಡಿದರು. ಕಾರ್ಯಕ್ರಮವನ್ನು ಶಿಕ್ಷಕ ನಿರೂಪಿಸಿದರು. 9/11 ನಿಯಮ ಪ್ರಕ್ರಿಯೆಗಳ ವಿನ್ಯಾಸ
ನಕ್ಷೆಯ ಅನುಮೋದನೆ ತಾಲೂಕು ಮಟ್ಟಕ್ಕೆ ಬದಲಾಗಿದ್ದು, ಹೊಸ ಕಾಯ್ದೆ ಜಾರಿಯಾಗಿದೆ. ಇದರ ನ್ಯಾಯಾಲಯದ ನಿರ್ದೇಶನ ಈ ಹೊಸ ನಿಯಮವನ್ನು ಜಾರಿಗೆ ತರಲಾಗಿದೆ. ನಗರ ಯೋಜನಾ ಇಲಾಖೆ ಪಂಚಾಯತ್ ಮಟ್ಟದಲ್ಲಿ ವಿನ್ಯಾಸ ನಕ್ಷೆಯ ಅನುಮೋದನೆಗೆ ಹಲವು ಬಗ್ಗೆ ಹಲವು ದಿನಗಳಿಂದ ಕಾಯುವಂತಾಗಿದೆ. ಪ್ರಾಧಿಕಾರದಲ್ಲಿ ನಿಯಮದ ಈ ಪ್ರಕ್ರಿಯೆಗಳ ಮಟ್ಟದಲ್ಲಿ ಸರಳೀಕರಣ ಮಾಡಲಾಗುತ್ತಿದೆ. ಸಾರ್ವಜನಿಕರು ಸದುಪಯೋಗ ಪಡೆಯಬೇಕು ಎಂದು ಹೇಳಿದರು. ಪುತ್ತೂರು ನಗರಸಭೆ ಅಧಿಕಾರಿ ಸಹಿತ ಹಲವರು ಉಪಸ್ಥಿತರಿದ್ದರು. ಪುಡಾ ಕಚೇರಿಯ ಸಿಬ್ಬಂದಿ ವಂದಿಸಿದರು.
Edited, Printed and Published by B.T. Amuthan at Nireshwalya Cross Road, Goods Shed Road, Bander, Mangalore-575 001. For M/s Karnataka News Publications (P) Ltd., and
Printed at Sanjevani, Nireshwalya Cross Road, Goods Shed Road, Bander, Mangalore-575 001. RNI KARKAN/2004/14701
